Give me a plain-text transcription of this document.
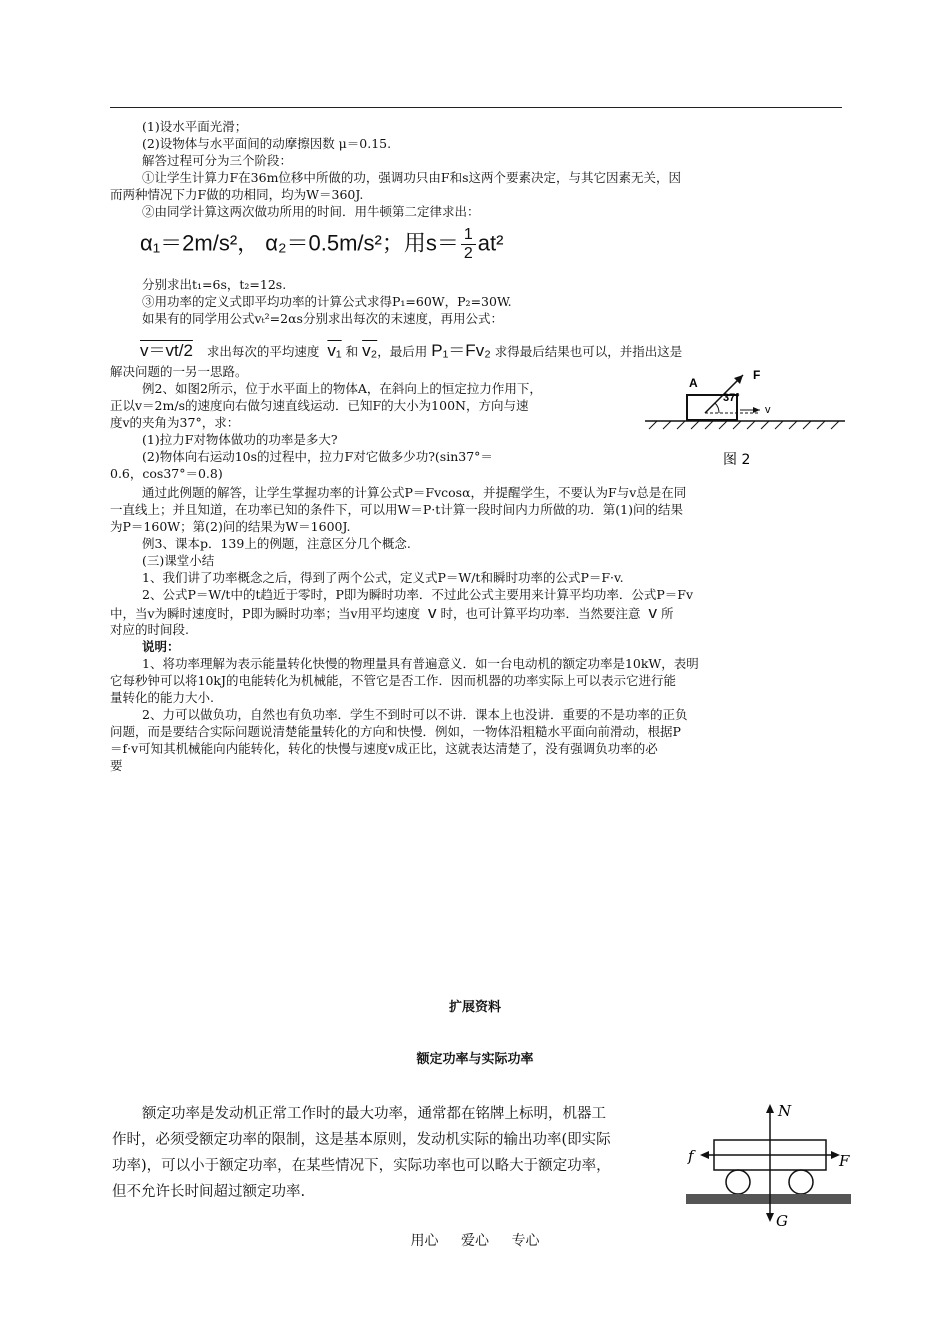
(1)设水平面光滑；
(2)设物体与水平面间的动摩擦因数 μ＝0.15.
解答过程可分为三个阶段：
①让学生计算力F在36m位移中所做的功，强调功只由F和s这两个要素决定，与其它因素无关，因
而两种情况下力F做的功相同，均为W＝360J.
②由同学计算这两次做功所用的时间．用牛顿第二定律求出：
α₁＝2m/s²， α₂＝0.5m/s²；用$s= \frac{1}{2} at^2$
分别求出t₁=6s，t₂=12s.
③用功率的定义式即平均功率的计算公式求得P₁=60W，P₂=30W.
如果有的同学用公式vₜ²=2αs分别求出每次的末速度，再用公式：
v＝vt/2 求出每次的平均速度 v₁ 和 v₂，最后用 P₁＝Fv₂ 求得最后结果也可以，并指出这是
解决问题的一另一思路。
例2、如图2所示，位于水平面上的物体A，在斜向上的恒定拉力作用下，
正以v＝2m/s的速度向右做匀速直线运动．已知F的大小为100N，方向与速
度v的夹角为37°，求：
(1)拉力F对物体做功的功率是多大?
(2)物体向右运动10s的过程中，拉力F对它做多少功?(sin37°＝
0.6，cos37°＝0.8)
A
F
37°
v
图 2
通过此例题的解答，让学生掌握功率的计算公式P＝Fvcosα，并提醒学生，不要认为F与v总是在同
一直线上；并且知道，在功率已知的条件下，可以用W＝P·t计算一段时间内力所做的功．第(1)问的结果
为P＝160W；第(2)问的结果为W＝1600J.
例3、课本p．139上的例题，注意区分几个概念.
(三)课堂小结
1、我们讲了功率概念之后，得到了两个公式，定义式P＝W/t和瞬时功率的公式P＝F·v.
2、公式P＝W/t中的t趋近于零时，P即为瞬时功率．不过此公式主要用来计算平均功率．公式P＝Fv
中，当v为瞬时速度时，P即为瞬时功率；当v用平均速度 $\overline{v}$ 时，也可计算平均功率．当然要注意 $\overline{v}$ 所
对应的时间段.
说明：
1、将功率理解为表示能量转化快慢的物理量具有普遍意义．如一台电动机的额定功率是10kW，表明
它每秒钟可以将10kJ的电能转化为机械能，不管它是否工作．因而机器的功率实际上可以表示它进行能
量转化的能力大小.
2、力可以做负功，自然也有负功率．学生不到时可以不讲．课本上也没讲．重要的不是功率的正负
问题，而是要结合实际问题说清楚能量转化的方向和快慢．例如，一物体沿粗糙水平面向前滑动，根据P
＝f·v可知其机械能向内能转化，转化的快慢与速度v成正比，这就表达清楚了，没有强调负功率的必
要
扩展资料
额定功率与实际功率
额定功率是发动机正常工作时的最大功率，通常都在铭牌上标明，机器工
作时，必须受额定功率的限制，这是基本原则，发动机实际的输出功率(即实际
功率)，可以小于额定功率，在某些情况下，实际功率也可以略大于额定功率，
但不允许长时间超过额定功率.
N
f	F
G
用心 爱心 专心
